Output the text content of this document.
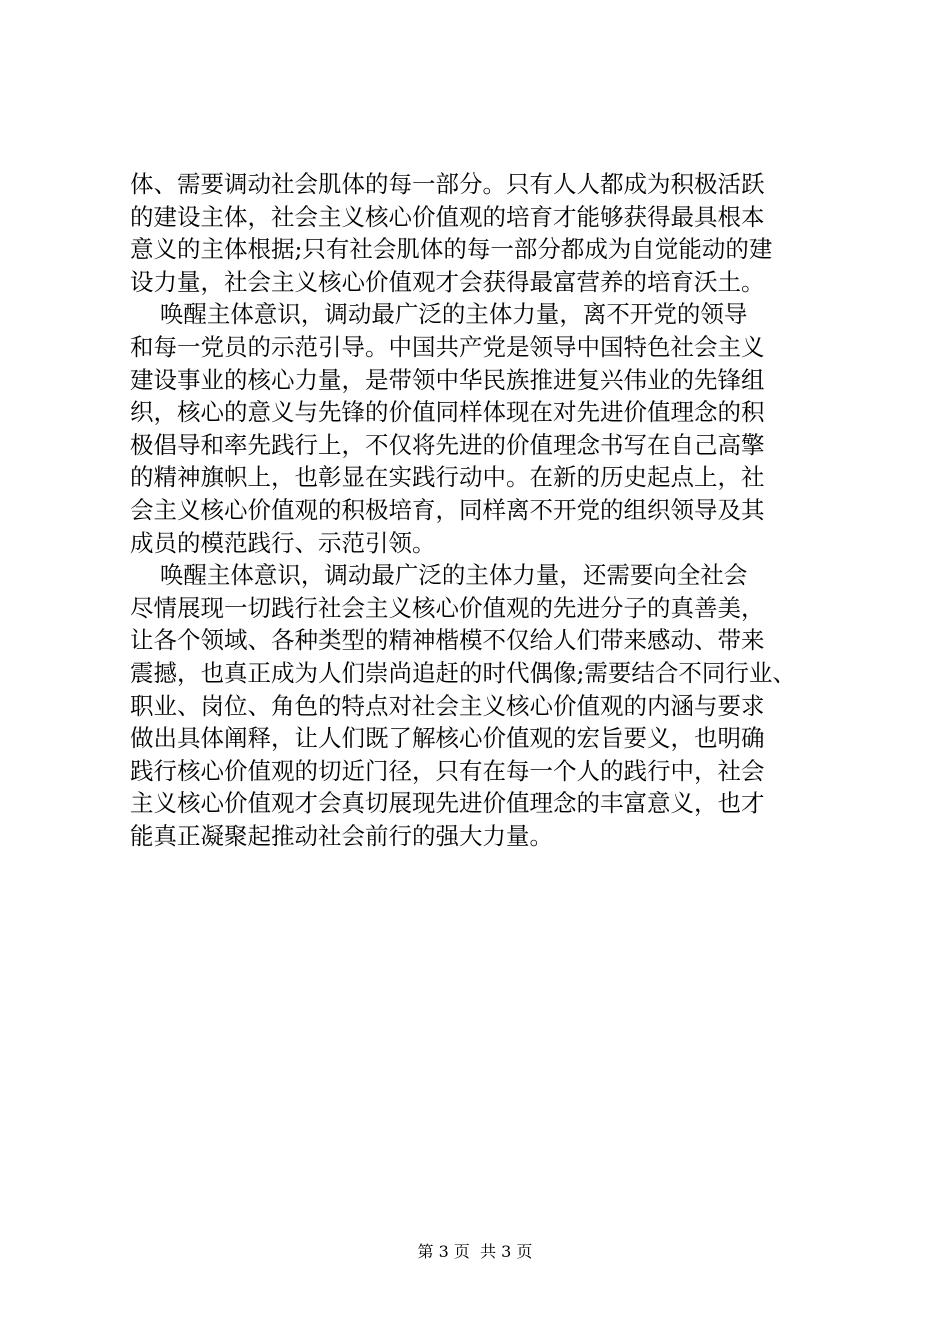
体、需要调动社会肌体的每一部分。只有人人都成为积极活跃
的建设主体，社会主义核心价值观的培育才能够获得最具根本
意义的主体根据;只有社会肌体的每一部分都成为自觉能动的建
设力量，社会主义核心价值观才会获得最富营养的培育沃土。
唤醒主体意识，调动最广泛的主体力量，离不开党的领导
和每一党员的示范引导。中国共产党是领导中国特色社会主义
建设事业的核心力量，是带领中华民族推进复兴伟业的先锋组
织，核心的意义与先锋的价值同样体现在对先进价值理念的积
极倡导和率先践行上，不仅将先进的价值理念书写在自己高擎
的精神旗帜上，也彰显在实践行动中。在新的历史起点上，社
会主义核心价值观的积极培育，同样离不开党的组织领导及其
成员的模范践行、示范引领。
唤醒主体意识，调动最广泛的主体力量，还需要向全社会
尽情展现一切践行社会主义核心价值观的先进分子的真善美，
让各个领域、各种类型的精神楷模不仅给人们带来感动、带来
震撼，也真正成为人们崇尚追赶的时代偶像;需要结合不同行业、
职业、岗位、角色的特点对社会主义核心价值观的内涵与要求
做出具体阐释，让人们既了解核心价值观的宏旨要义，也明确
践行核心价值观的切近门径，只有在每一个人的践行中，社会
主义核心价值观才会真切展现先进价值理念的丰富意义，也才
能真正凝聚起推动社会前行的强大力量。
第 3 页  共 3 页
